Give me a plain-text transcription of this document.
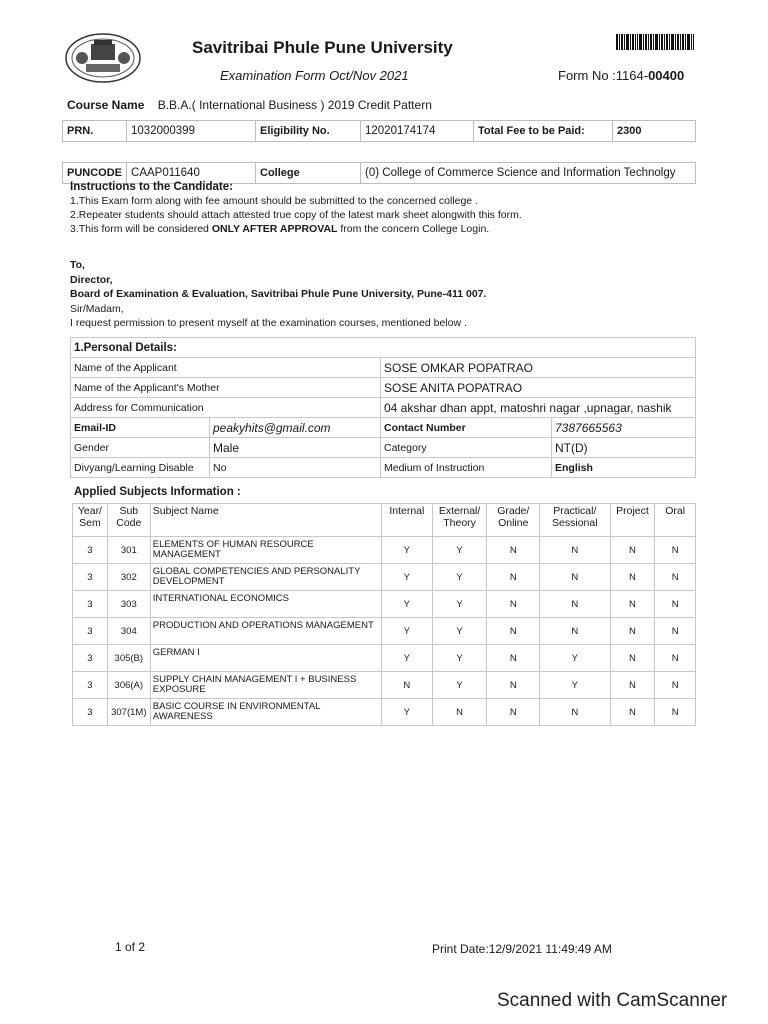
Savitribai Phule Pune University
Examination Form Oct/Nov 2021	Form No :1164-00400
Course Name B.B.A.( International Business ) 2019 Credit Pattern
PRN.	1032000399	Eligibility No.	12020174174	Total Fee to be Paid:	2300

PUNCODE	CAAP011640	College	(0) College of Commerce Science and Information Technolgy		
Instructions to the Candidate:
1.This Exam form along with fee amount should be submitted to the concerned college .
2.Repeater students should attach attested true copy of the latest mark sheet alongwith this form.
3.This form will be considered ONLY AFTER APPROVAL from the concern College Login.
To,
Director,
Board of Examination & Evaluation, Savitribai Phule Pune University, Pune-411 007.
Sir/Madam,
I request permission to present myself at the examination courses, mentioned below .
1.Personal Details:			
Name of the Applicant		SOSE OMKAR POPATRAO	
Name of the Applicant's Mother		SOSE ANITA POPATRAO	
Address for Communication		04 akshar dhan appt, matoshri nagar ,upnagar, nashik	
Email-ID	peakyhits@gmail.com	Contact Number	7387665563
Gender	Male	Category	NT(D)
Divyang/Learning Disable	No	Medium of Instruction	English
Applied Subjects Information :
Year/ Sem	Sub Code	Subject Name	Internal	External/ Theory	Grade/ Online	Practical/ Sessional	Project	Oral
3	301	ELEMENTS OF HUMAN RESOURCE MANAGEMENT	Y	Y	N	N	N	N
3	302	GLOBAL COMPETENCIES AND PERSONALITY DEVELOPMENT	Y	Y	N	N	N	N
3	303	INTERNATIONAL ECONOMICS	Y	Y	N	N	N	N
3	304	PRODUCTION AND OPERATIONS MANAGEMENT	Y	Y	N	N	N	N
3	305(B)	GERMAN I	Y	Y	N	Y	N	N
3	306(A)	SUPPLY CHAIN MANAGEMENT I + BUSINESS EXPOSURE	N	Y	N	Y	N	N
3	307(1M)	BASIC COURSE IN ENVIRONMENTAL AWARENESS	Y	N	N	N	N	N
1 of 2	Print Date:12/9/2021 11:49:49 AM
Scanned with CamScanner
